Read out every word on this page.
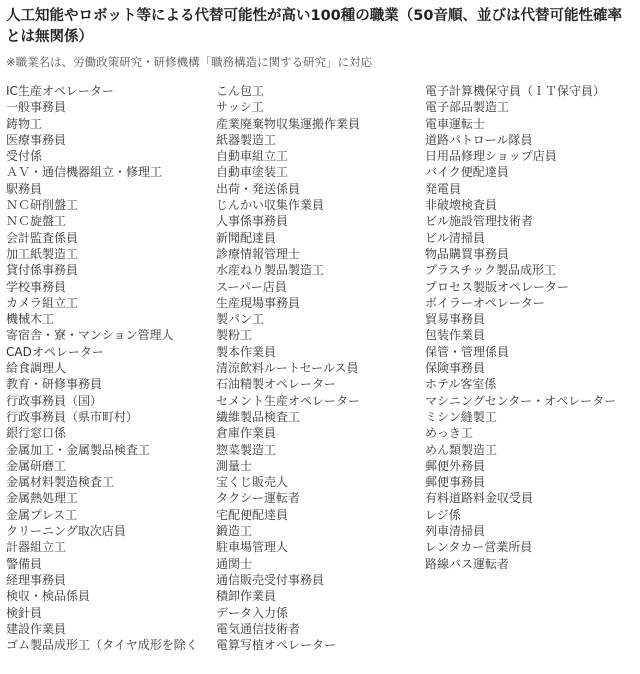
人工知能やロボット等による代替可能性が高い100種の職業（50音順、並びは代替可能性確率とは無関係）
※職業名は、労働政策研究・研修機構「職務構造に関する研究」に対応
IC生産オペレーター
一般事務員
鋳物工
医療事務員
受付係
ＡＶ・通信機器組立・修理工
駅務員
ＮＣ研削盤工
ＮＣ旋盤工
会計監査係員
加工紙製造工
貸付係事務員
学校事務員
カメラ組立工
機械木工
寄宿舎・寮・マンション管理人
CADオペレーター
給食調理人
教育・研修事務員
行政事務員（国）
行政事務員（県市町村）
銀行窓口係
金属加工・金属製品検査工
金属研磨工
金属材料製造検査工
金属熱処理工
金属プレス工
クリーニング取次店員
計器組立工
警備員
経理事務員
検収・検品係員
検針員
建設作業員
ゴム製品成形工（タイヤ成形を除く
こん包工
サッシ工
産業廃棄物収集運搬作業員
紙器製造工
自動車組立工
自動車塗装工
出荷・発送係員
じんかい収集作業員
人事係事務員
新聞配達員
診療情報管理士
水産ねり製品製造工
スーパー店員
生産現場事務員
製パン工
製粉工
製本作業員
清涼飲料ルートセールス員
石油精製オペレーター
セメント生産オペレーター
繊維製品検査工
倉庫作業員
惣菜製造工
測量士
宝くじ販売人
タクシー運転者
宅配便配達員
鍛造工
駐車場管理人
通関士
通信販売受付事務員
積卸作業員
データ入力係
電気通信技術者
電算写植オペレーター
電子計算機保守員（ＩＴ保守員）
電子部品製造工
電車運転士
道路パトロール隊員
日用品修理ショップ店員
バイク便配達員
発電員
非破壊検査員
ビル施設管理技術者
ビル清掃員
物品購買事務員
プラスチック製品成形工
プロセス製版オペレーター
ボイラーオペレーター
貿易事務員
包装作業員
保管・管理係員
保険事務員
ホテル客室係
マシニングセンター・オペレーター
ミシン縫製工
めっき工
めん類製造工
郵便外務員
郵便事務員
有料道路料金収受員
レジ係
列車清掃員
レンタカー営業所員
路線バス運転者
